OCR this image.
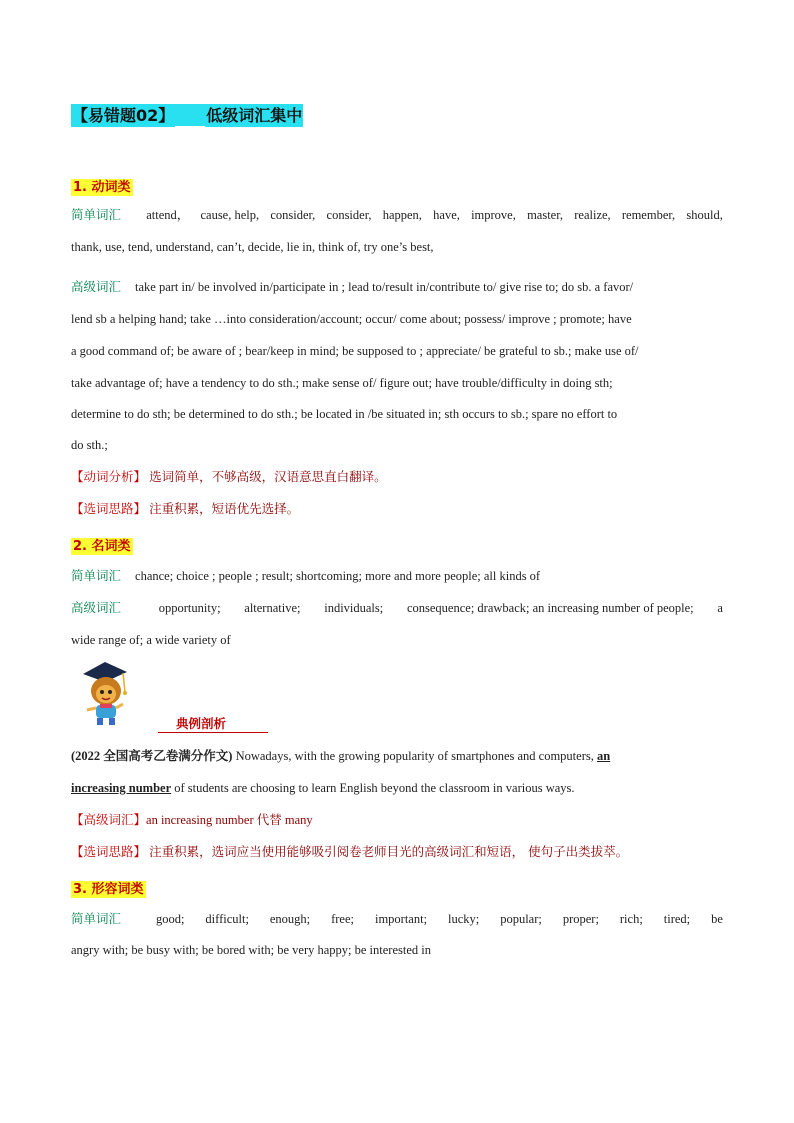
【易错题02】 低级词汇集中
1. 动词类
简单词汇 attend， cause, help, consider, consider, happen, have, improve, master, realize, remember, should,
thank, use, tend, understand, can’t, decide, lie in, think of, try one’s best,
高级词汇 take part in/ be involved in/participate in ; lead to/result in/contribute to/ give rise to; do sb. a favor/
lend sb a helping hand; take …into consideration/account; occur/ come about; possess/ improve ; promote; have
a good command of; be aware of ; bear/keep in mind; be supposed to ; appreciate/ be grateful to sb.; make use of/
take advantage of; have a tendency to do sth.; make sense of/ figure out; have trouble/difficulty in doing sth;
determine to do sth; be determined to do sth.; be located in /be situated in; sth occurs to sb.; spare no effort to
do sth.;
【动词分析】 选词简单，不够高级，汉语意思直白翻译。
【选词思路】 注重积累，短语优先选择。
2. 名词类
简单词汇 chance; choice ; people ; result; shortcoming; more and more people; all kinds of
高级词汇	opportunity; alternative; individuals; consequence; drawback; an increasing number of people; a
wide range of; a wide variety of
典例剖析
(2022 全国高考乙卷满分作文) Nowadays, with the growing popularity of smartphones and computers, an
increasing number of students are choosing to learn English beyond the classroom in various ways.
【高级词汇】an increasing number 代替 many
【选词思路】 注重积累，选词应当使用能够吸引阅卷老师目光的高级词汇和短语， 使句子出类拔萃。
3. 形容词类
简单词汇	good; difficult; enough; free; important; lucky; popular; proper; rich; tired; be
angry with; be busy with; be bored with; be very happy; be interested in
